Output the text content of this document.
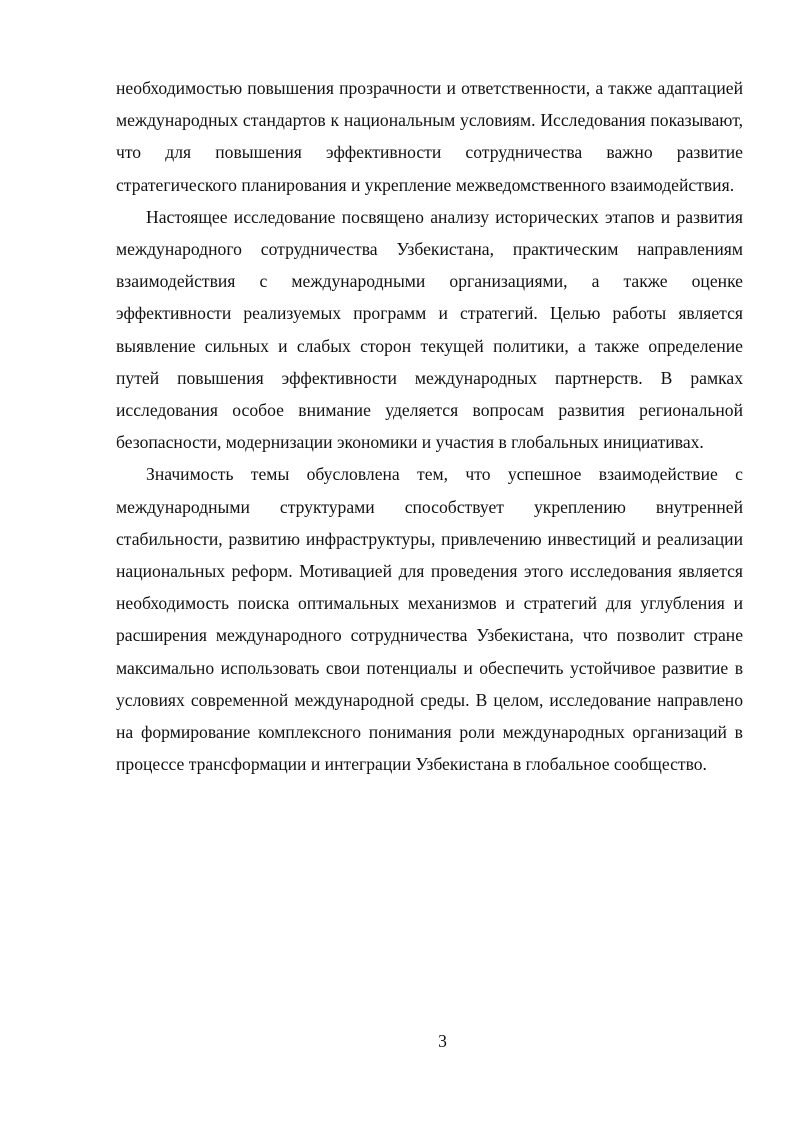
необходимостью повышения прозрачности и ответственности, а также адаптацией международных стандартов к национальным условиям. Исследования показывают, что для повышения эффективности сотрудничества важно развитие стратегического планирования и укрепление межведомственного взаимодействия.

Настоящее исследование посвящено анализу исторических этапов и развития международного сотрудничества Узбекистана, практическим направлениям взаимодействия с международными организациями, а также оценке эффективности реализуемых программ и стратегий. Целью работы является выявление сильных и слабых сторон текущей политики, а также определение путей повышения эффективности международных партнерств. В рамках исследования особое внимание уделяется вопросам развития региональной безопасности, модернизации экономики и участия в глобальных инициативах.

Значимость темы обусловлена тем, что успешное взаимодействие с международными структурами способствует укреплению внутренней стабильности, развитию инфраструктуры, привлечению инвестиций и реализации национальных реформ. Мотивацией для проведения этого исследования является необходимость поиска оптимальных механизмов и стратегий для углубления и расширения международного сотрудничества Узбекистана, что позволит стране максимально использовать свои потенциалы и обеспечить устойчивое развитие в условиях современной международной среды. В целом, исследование направлено на формирование комплексного понимания роли международных организаций в процессе трансформации и интеграции Узбекистана в глобальное сообщество.

3
